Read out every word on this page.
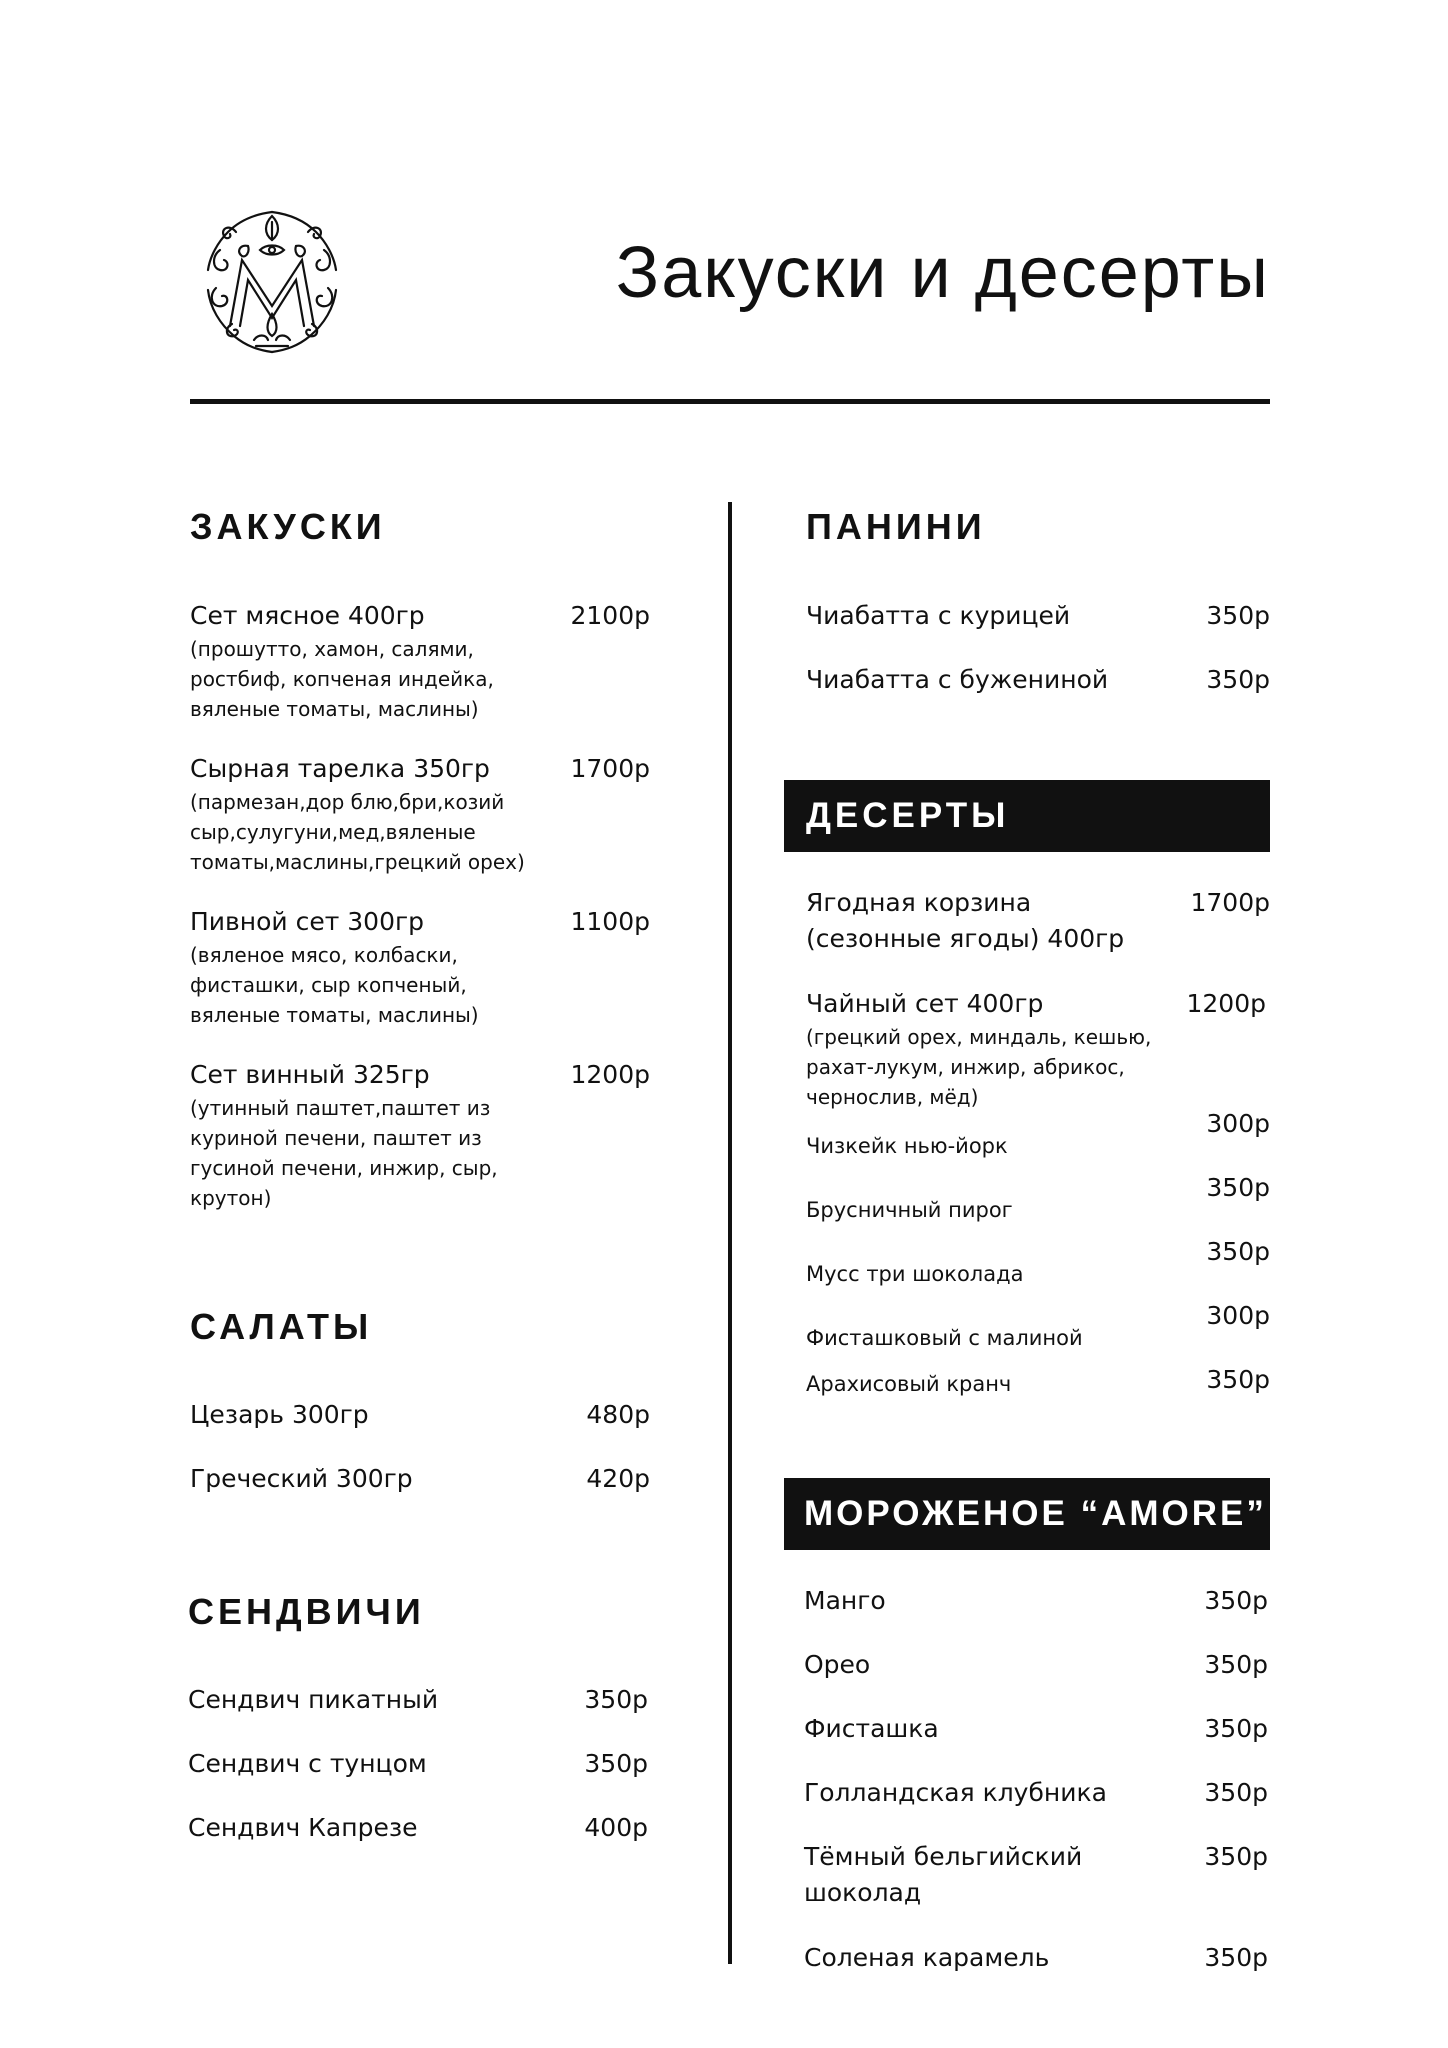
Закуски и десерты
ЗАКУСКИ
Сет мясное 400гр	2100р
(прошутто, хамон, салями, ростбиф, копченая индейка, вяленые томаты, маслины)
Сырная тарелка 350гр	1700р
(пармезан,дор блю,бри,козий сыр,сулугуни,мед,вяленые томаты,маслины,грецкий орех)
Пивной сет 300гр	1100р
(вяленое мясо, колбаски, фисташки, сыр копченый, вяленые томаты, маслины)
Сет винный 325гр	1200р
(утинный паштет,паштет из куриной печени, паштет из гусиной печени, инжир, сыр, крутон)
САЛАТЫ
Цезарь 300гр	480р
Греческий 300гр	420р
СЕНДВИЧИ
Сендвич пикатный	350р
Сендвич с тунцом	350р
Сендвич Капрезе	400р
ПАНИНИ
Чиабатта с курицей	350р
Чиабатта с бужениной	350р
ДЕСЕРТЫ
Ягодная корзина (сезонные ягоды) 400гр
1700р
Чайный сет 400гр	1200р
(грецкий орех, миндаль, кешью, рахат-лукум, инжир, абрикос, чернослив, мёд)
Чизкейк нью-йорк
300р
Брусничный пирог
350р
Мусс три шоколада
350р
Фисташковый с малиной
300р
Арахисовый кранч	350р
МОРОЖЕНОЕ “AMORE”
Манго	350р
Орео	350р
Фисташка	350р
Голландская клубника	350р
Тёмный бельгийский шоколад
350р
Соленая карамель	350р
